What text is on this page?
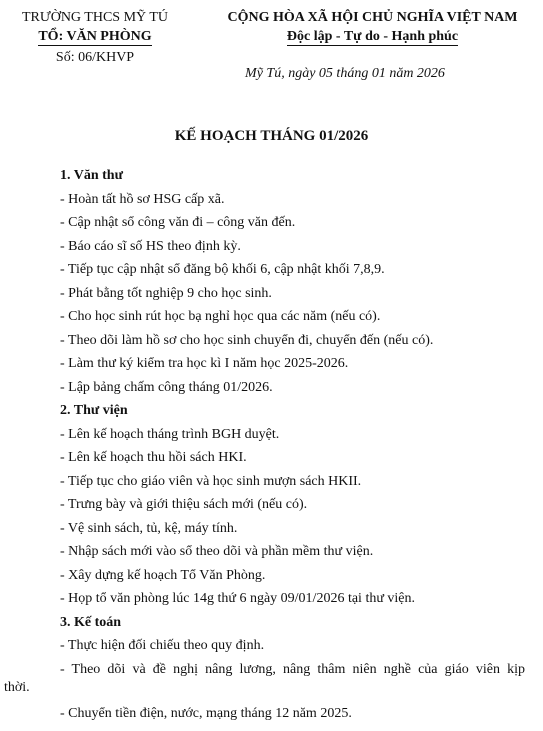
TRƯỜNG THCS MỸ TÚ
TỔ: VĂN PHÒNG
Số: 06/KHVP
CỘNG HÒA XÃ HỘI CHỦ NGHĨA VIỆT NAM
Độc lập - Tự do - Hạnh phúc
Mỹ Tú, ngày 05 tháng 01 năm 2026
KẾ HOẠCH THÁNG 01/2026
1. Văn thư
- Hoàn tất hồ sơ HSG cấp xã.
- Cập nhật sổ công văn đi – công văn đến.
- Báo cáo sĩ số HS theo định kỳ.
- Tiếp tục cập nhật sổ đăng bộ khối 6, cập nhật khối 7,8,9.
- Phát bằng tốt nghiệp 9 cho học sinh.
- Cho học sinh rút học bạ nghỉ học qua các năm (nếu có).
- Theo dõi làm hồ sơ cho học sinh chuyển đi, chuyển đến (nếu có).
- Làm thư ký kiểm tra học kì I năm học 2025-2026.
- Lập bảng chấm công tháng 01/2026.
2. Thư viện
- Lên kế hoạch tháng trình BGH duyệt.
- Lên kế hoạch thu hồi sách HKI.
- Tiếp tục cho giáo viên và học sinh mượn sách HKII.
- Trưng bày và giới thiệu sách mới (nếu có).
- Vệ sinh sách, tủ, kệ, máy tính.
- Nhập sách mới vào sổ theo dõi và phần mềm thư viện.
- Xây dựng kế hoạch Tổ Văn Phòng.
- Họp tổ văn phòng lúc 14g thứ 6 ngày 09/01/2026 tại thư viện.
3. Kế toán
- Thực hiện đối chiếu theo quy định.
- Theo dõi và đề nghị nâng lương, nâng thâm niên nghề của giáo viên kịp
thời.
- Chuyển tiền điện, nước, mạng tháng 12 năm 2025.
